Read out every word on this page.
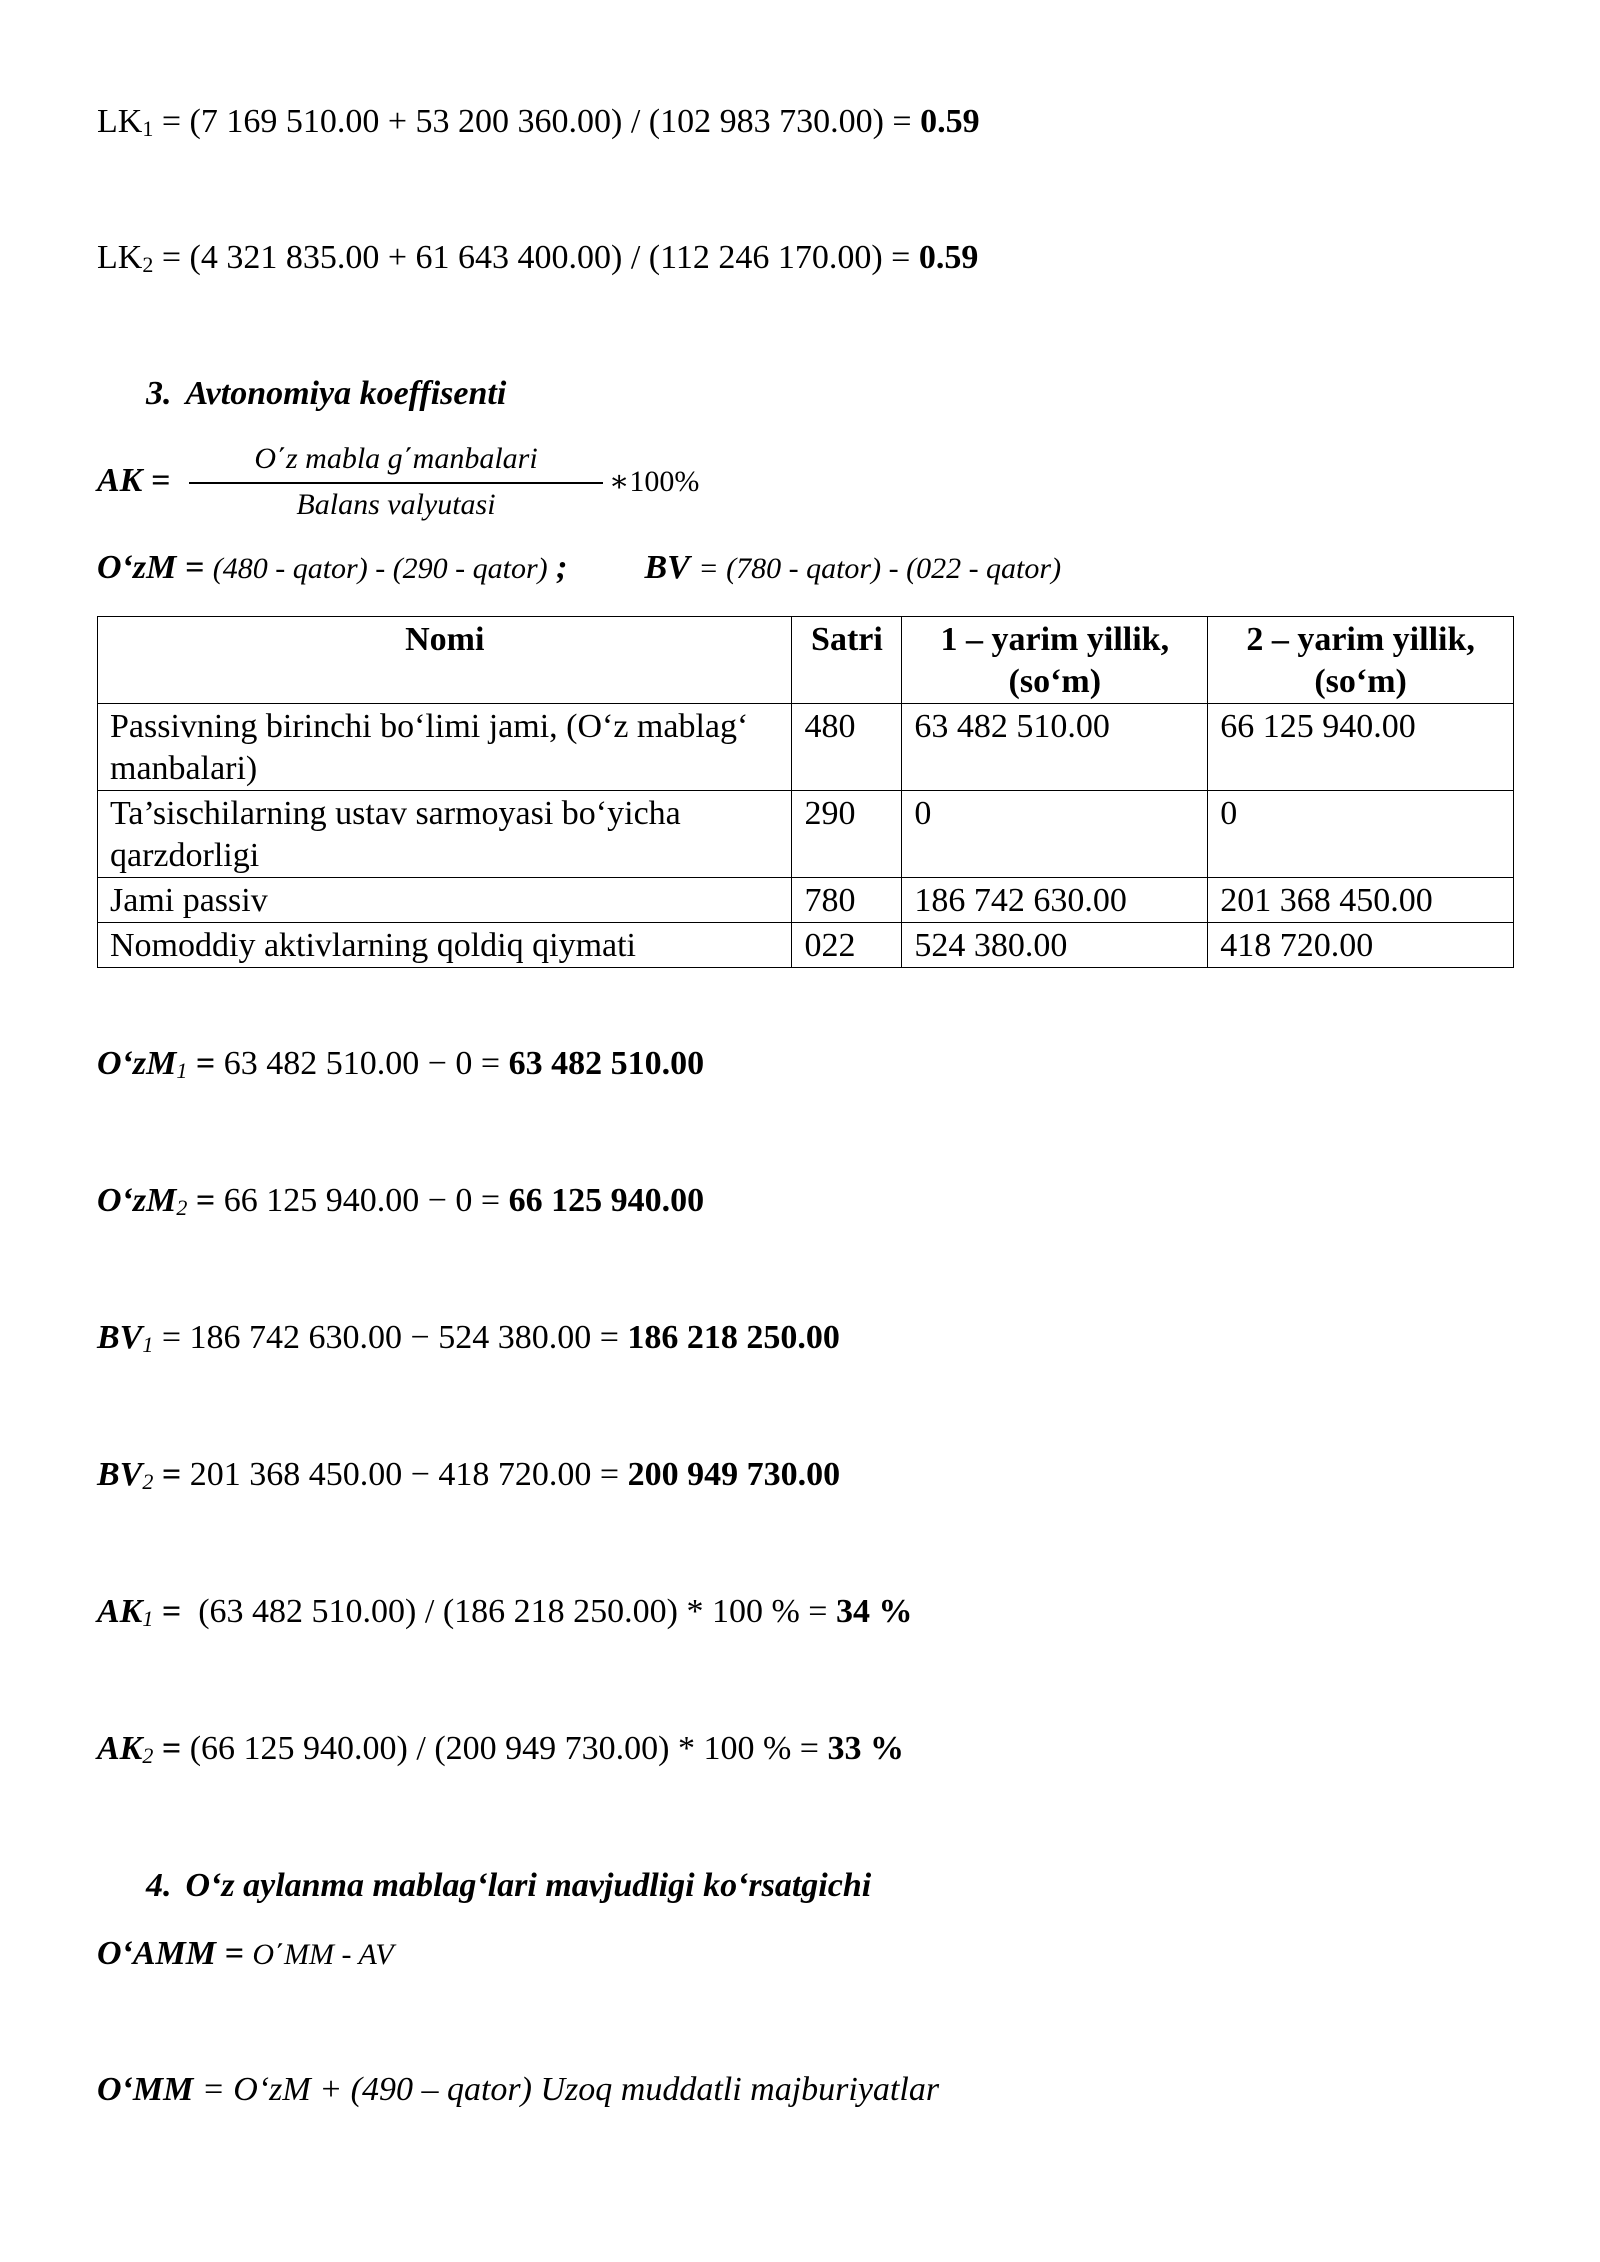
$LK_1 = (7$ 169 510.00 + 53 200 360.00) / (102 983 730.00) = 0.59
$LK_2 = (4$ 321 835.00 + 61 643 400.00) / (112 246 170.00) = 0.59
3. Avtonomiya koeffisenti
AK =
O΄z mabla g΄manbalari
Balans valyutasi
∗100%
O‘zM = (480 - qator) - (290 - qator) ; BV = (780 - qator) - (022 - qator)
Nomi	Satri	1 – yarim yillik, (so‘m)	2 – yarim yillik, (so‘m)
Passivning birinchi bo‘limi jami, (O‘z mablag‘ manbalari)	480	63 482 510.00	66 125 940.00
Ta’sischilarning ustav sarmoyasi bo‘yicha qarzdorligi	290	0	0
Jami passiv	780	186 742 630.00	201 368 450.00
Nomoddiy aktivlarning qoldiq qiymati	022	524 380.00	418 720.00
$O‘zM_1 = 63$ 482 510.00 − 0 = 63 482 510.00
$O‘zM_2 = 66$ 125 940.00 − 0 = 66 125 940.00
$BV_1 = 186$ 742 630.00 − 524 380.00 = 186 218 250.00
$BV_2 = 201$ 368 450.00 − 418 720.00 = 200 949 730.00
$AK_1 = (63$ 482 510.00) / (186 218 250.00) * 100 % = 34 %
$AK_2 = (66$ 125 940.00) / (200 949 730.00) * 100 % = 33 %
4. O‘z aylanma mablag‘lari mavjudligi ko‘rsatgichi
O‘AMM = O΄MM - AV
O‘MM = O‘zM + (490 – qator) Uzoq muddatli majburiyatlar
